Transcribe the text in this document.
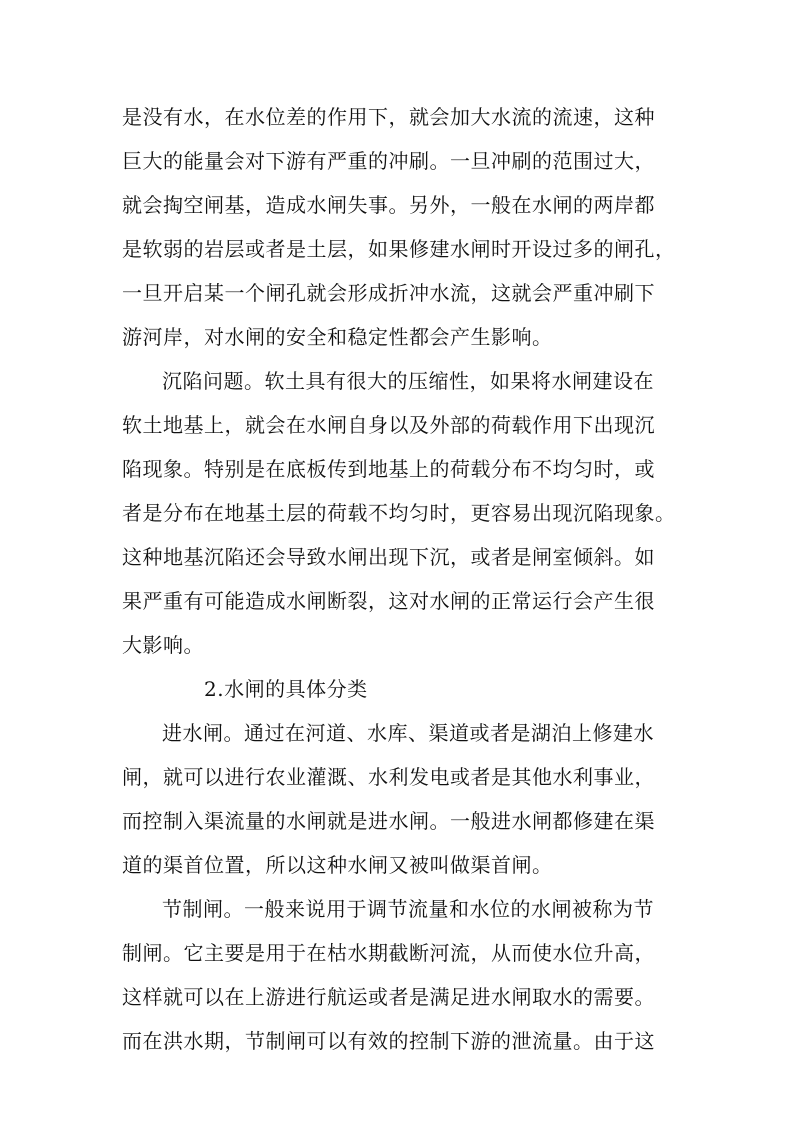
是没有水，在水位差的作用下，就会加大水流的流速，这种
巨大的能量会对下游有严重的冲刷。一旦冲刷的范围过大，
就会掏空闸基，造成水闸失事。另外，一般在水闸的两岸都
是软弱的岩层或者是土层，如果修建水闸时开设过多的闸孔，
一旦开启某一个闸孔就会形成折冲水流，这就会严重冲刷下
游河岸，对水闸的安全和稳定性都会产生影响。
沉陷问题。软土具有很大的压缩性，如果将水闸建设在
软土地基上，就会在水闸自身以及外部的荷载作用下出现沉
陷现象。特别是在底板传到地基上的荷载分布不均匀时，或
者是分布在地基土层的荷载不均匀时，更容易出现沉陷现象。
这种地基沉陷还会导致水闸出现下沉，或者是闸室倾斜。如
果严重有可能造成水闸断裂，这对水闸的正常运行会产生很
大影响。
2.水闸的具体分类
进水闸。通过在河道、水库、渠道或者是湖泊上修建水
闸，就可以进行农业灌溉、水利发电或者是其他水利事业，
而控制入渠流量的水闸就是进水闸。一般进水闸都修建在渠
道的渠首位置，所以这种水闸又被叫做渠首闸。
节制闸。一般来说用于调节流量和水位的水闸被称为节
制闸。它主要是用于在枯水期截断河流，从而使水位升高，
这样就可以在上游进行航运或者是满足进水闸取水的需要。
而在洪水期，节制闸可以有效的控制下游的泄流量。由于这
